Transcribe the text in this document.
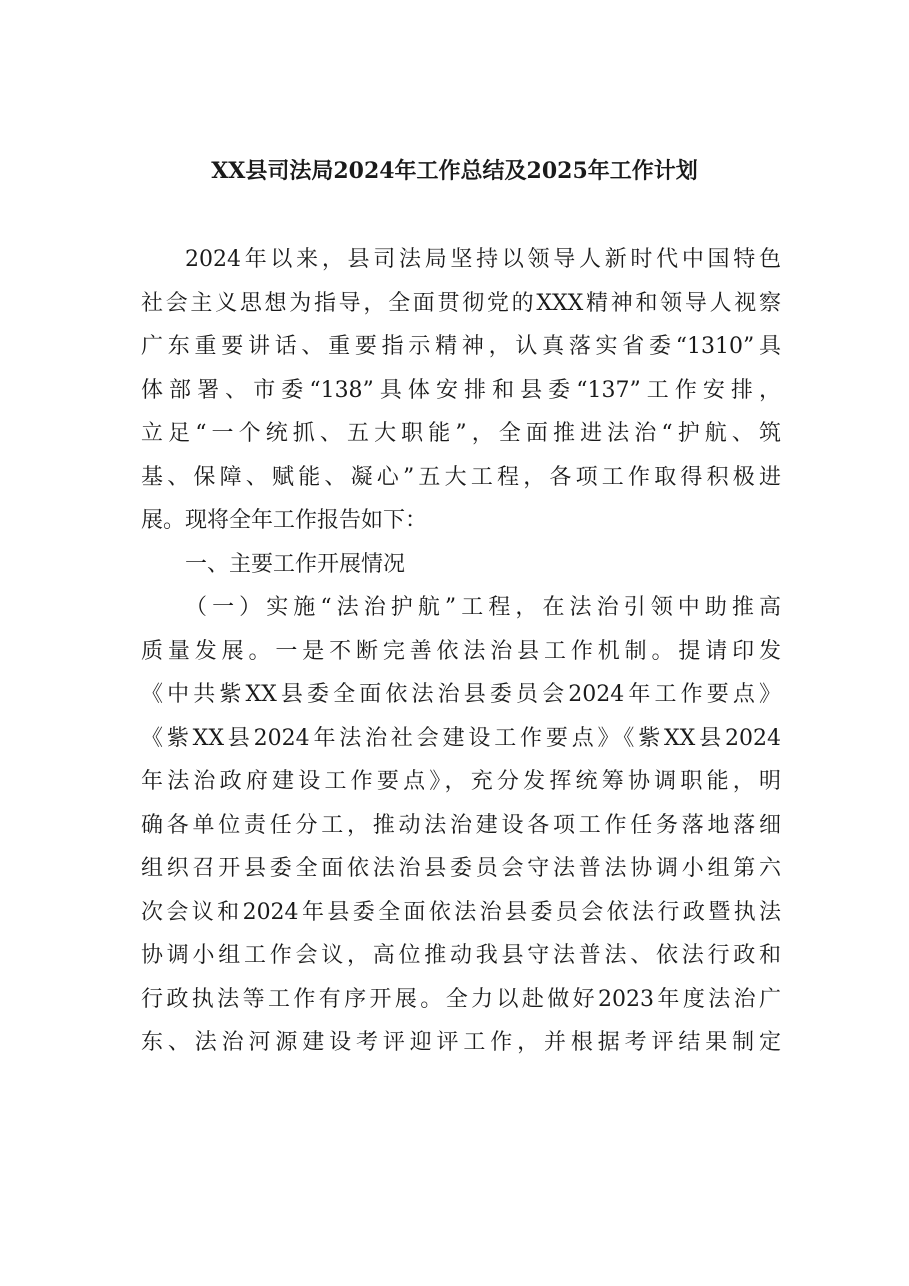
XX县司法局2024年工作总结及2025年工作计划
2024年以来，县司法局坚持以领导人新时代中国特色
社会主义思想为指导，全面贯彻党的XXX精神和领导人视察
广东重要讲话、重要指示精神，认真落实省委“1310”具
体部署、市委“138”具体安排和县委“137”工作安排，
立足“一个统抓、五大职能”，全面推进法治“护航、筑
基、保障、赋能、凝心”五大工程，各项工作取得积极进
展。现将全年工作报告如下：
一、主要工作开展情况
（一）实施“法治护航”工程，在法治引领中助推高
质量发展。一是不断完善依法治县工作机制。提请印发
《中共紫XX县委全面依法治县委员会2024年工作要点》
《紫XX县2024年法治社会建设工作要点》《紫XX县2024
年法治政府建设工作要点》，充分发挥统筹协调职能，明
确各单位责任分工，推动法治建设各项工作任务落地落细
组织召开县委全面依法治县委员会守法普法协调小组第六
次会议和2024年县委全面依法治县委员会依法行政暨执法
协调小组工作会议，高位推动我县守法普法、依法行政和
行政执法等工作有序开展。全力以赴做好2023年度法治广
东、法治河源建设考评迎评工作，并根据考评结果制定
